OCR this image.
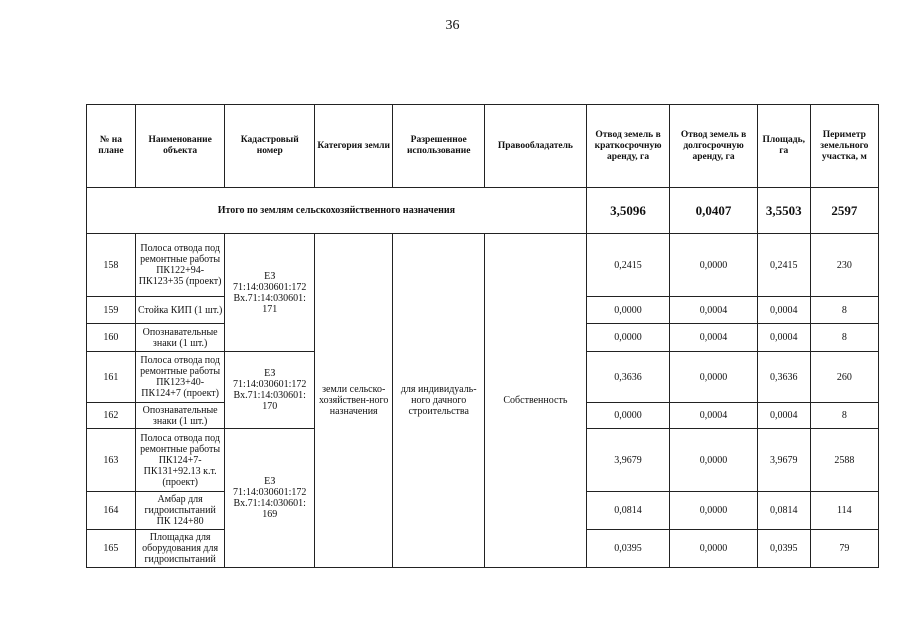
36
№ на плане	Наименование объекта	Кадастровый номер	Категория земли	Разрешенное использование	Правообладатель	Отвод земель в краткосрочную аренду, га	Отвод земель в долгосрочную аренду, га	Площадь, га	Периметр земельного участка, м
Итого по землям сельскохозяйственного назначения						3,5096	0,0407	3,5503	2597
158	Полоса отвода под ремонтные работы ПК122+94-ПК123+35 (проект)	ЕЗ 71:14:030601:172 Вх.71:14:030601: 171	земли сельско-хозяйствен-ного назначения	для индивидуаль-ного дачного строительства	Собственность	0,2415	0,0000	0,2415	230
159	Стойка КИП (1 шт.)					0,0000	0,0004	0,0004	8
160	Опознавательные знаки (1 шт.)					0,0000	0,0004	0,0004	8
161	Полоса отвода под ремонтные работы ПК123+40-ПК124+7 (проект)	ЕЗ 71:14:030601:172 Вх.71:14:030601: 170				0,3636	0,0000	0,3636	260
162	Опознавательные знаки (1 шт.)					0,0000	0,0004	0,0004	8
163	Полоса отвода под ремонтные работы ПК124+7-ПК131+92.13 к.т. (проект)	ЕЗ 71:14:030601:172 Вх.71:14:030601: 169				3,9679	0,0000	3,9679	2588
164	Амбар для гидроиспытаний ПК 124+80					0,0814	0,0000	0,0814	114
165	Площадка для оборудования для гидроиспытаний					0,0395	0,0000	0,0395	79
